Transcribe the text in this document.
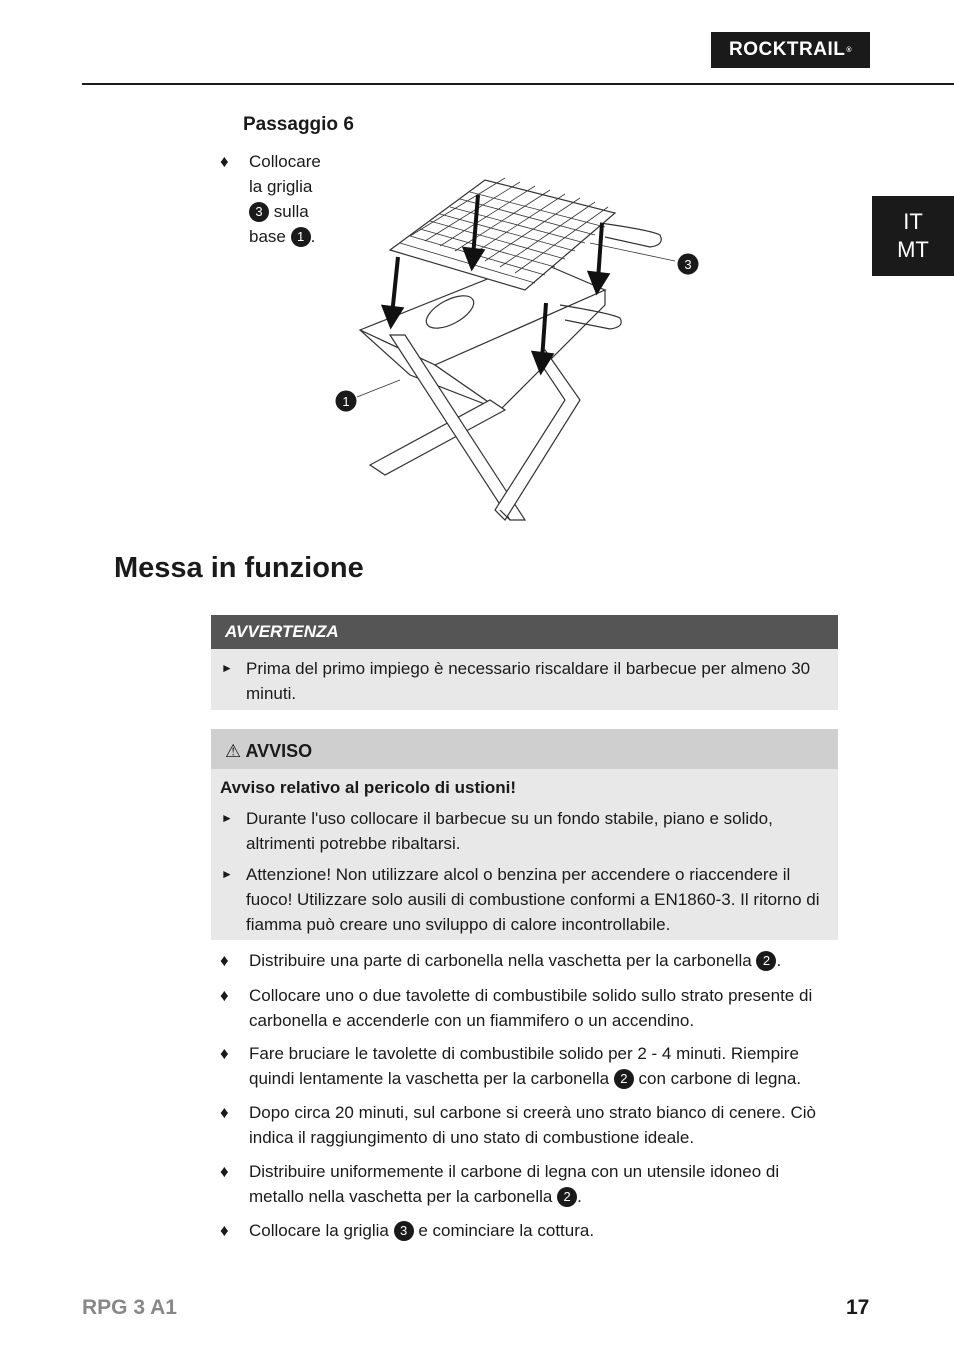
ROCKTRAIL ®
IT
MT
Passaggio 6
♦	Collocare la griglia 3 sulla base 1 .
3
1
Messa in funzione
AVVERTENZA
► Prima del primo impiego è necessario riscaldare il barbecue per almeno 30 minuti.
⚠ AVVISO
Avviso relativo al pericolo di ustioni!
► Durante l'uso collocare il barbecue su un fondo stabile, piano e solido, altrimenti potrebbe ribaltarsi.
► Attenzione! Non utilizzare alcol o benzina per accendere o riaccendere il fuoco! Utilizzare solo ausili di combustione conformi a EN1860-3. Il ritorno di fiamma può creare uno sviluppo di calore incontrollabile.
♦	Distribuire una parte di carbonella nella vaschetta per la carbonella 2 .
♦	Collocare uno o due tavolette di combustibile solido sullo strato presente di carbonella e accenderle con un fiammifero o un accendino.
♦	Fare bruciare le tavolette di combustibile solido per 2 - 4 minuti. Riempire quindi lentamente la vaschetta per la carbonella 2 con carbone di legna.
♦	Dopo circa 20 minuti, sul carbone si creerà uno strato bianco di cenere. Ciò indica il raggiungimento di uno stato di combustione ideale.
♦	Distribuire uniformemente il carbone di legna con un utensile idoneo di metallo nella vaschetta per la carbonella 2 .
♦	Collocare la griglia 3 e cominciare la cottura.
RPG 3 A1	17
